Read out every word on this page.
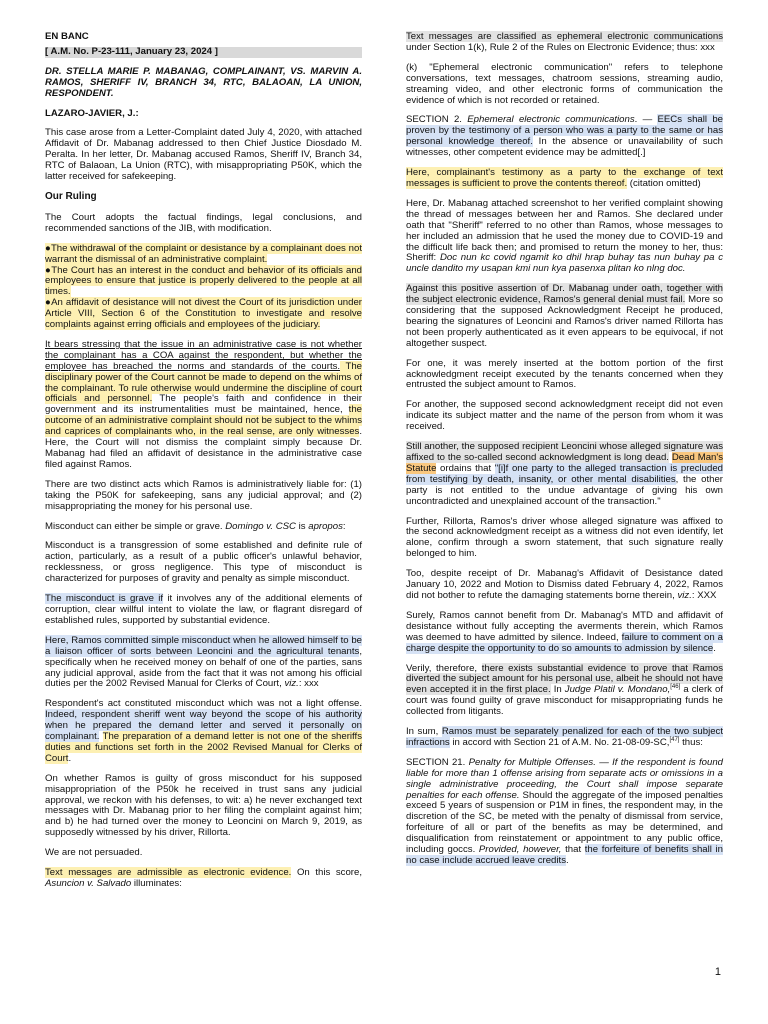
EN BANC

[ A.M. No. P-23-111, January 23, 2024 ]

DR. STELLA MARIE P. MABANAG, COMPLAINANT, VS. MARVIN A. RAMOS, SHERIFF IV, BRANCH 34, RTC, BALAOAN, LA UNION, RESPONDENT.

LAZARO-JAVIER, J.:

This case arose from a Letter-Complaint dated July 4, 2020, with attached Affidavit of Dr. Mabanag addressed to then Chief Justice Diosdado M. Peralta. In her letter, Dr. Mabanag accused Ramos, Sheriff IV, Branch 34, RTC of Balaoan, La Union (RTC), with misappropriating P50K, which the latter received for safekeeping.

Our Ruling

The Court adopts the factual findings, legal conclusions, and recommended sanctions of the JIB, with modification.

●The withdrawal of the complaint or desistance by a complainant does not warrant the dismissal of an administrative complaint.

●The Court has an interest in the conduct and behavior of its officials and employees to ensure that justice is properly delivered to the people at all times.

●An affidavit of desistance will not divest the Court of its jurisdiction under Article VIII, Section 6 of the Constitution to investigate and resolve complaints against erring officials and employees of the judiciary.

It bears stressing that the issue in an administrative case is not whether the complainant has a COA against the respondent, but whether the employee has breached the norms and standards of the courts. The disciplinary power of the Court cannot be made to depend on the whims of the complainant. To rule otherwise would undermine the discipline of court officials and personnel. The people's faith and confidence in their government and its instrumentalities must be maintained, hence, the outcome of an administrative complaint should not be subject to the whims and caprices of complainants who, in the real sense, are only witnesses. Here, the Court will not dismiss the complaint simply because Dr. Mabanag had filed an affidavit of desistance in the administrative case filed against Ramos.

There are two distinct acts which Ramos is administratively liable for: (1) taking the P50K for safekeeping, sans any judicial approval; and (2) misappropriating the money for his personal use.

Misconduct can either be simple or grave. Domingo v. CSC is apropos:

Misconduct is a transgression of some established and definite rule of action, particularly, as a result of a public officer's unlawful behavior, recklessness, or gross negligence. This type of misconduct is characterized for purposes of gravity and penalty as simple misconduct.

The misconduct is grave if it involves any of the additional elements of corruption, clear willful intent to violate the law, or flagrant disregard of established rules, supported by substantial evidence.

Here, Ramos committed simple misconduct when he allowed himself to be a liaison officer of sorts between Leoncini and the agricultural tenants, specifically when he received money on behalf of one of the parties, sans any judicial approval, aside from the fact that it was not among his official duties per the 2002 Revised Manual for Clerks of Court, viz.: xxx

Respondent's act constituted misconduct which was not a light offense. Indeed, respondent sheriff went way beyond the scope of his authority when he prepared the demand letter and served it personally on complainant. The preparation of a demand letter is not one of the sheriffs duties and functions set forth in the 2002 Revised Manual for Clerks of Court.

On whether Ramos is guilty of gross misconduct for his supposed misappropriation of the P50k he received in trust sans any judicial approval, we reckon with his defenses, to wit: a) he never exchanged text messages with Dr. Mabanag prior to her filing the complaint against him; and b) he had turned over the money to Leoncini on March 9, 2019, as supposedly witnessed by his driver, Rillorta.

We are not persuaded.

Text messages are admissible as electronic evidence. On this score, Asuncion v. Salvado illuminates:

Text messages are classified as ephemeral electronic communications under Section 1(k), Rule 2 of the Rules on Electronic Evidence; thus: xxx

(k) "Ephemeral electronic communication" refers to telephone conversations, text messages, chatroom sessions, streaming audio, streaming video, and other electronic forms of communication the evidence of which is not recorded or retained.

SECTION 2. Ephemeral electronic communications. — EECs shall be proven by the testimony of a person who was a party to the same or has personal knowledge thereof. In the absence or unavailability of such witnesses, other competent evidence may be admitted[.]

Here, complainant's testimony as a party to the exchange of text messages is sufficient to prove the contents thereof. (citation omitted)

Here, Dr. Mabanag attached screenshot to her verified complaint showing the thread of messages between her and Ramos. She declared under oath that "Sheriff" referred to no other than Ramos, whose messages to her included an admission that he used the money due to COVID-19 and the difficult life back then; and promised to return the money to her, thus: Sheriff: Doc nun kc covid ngamit ko dhil hrap buhay tas nun buhay pa c uncle dandito my usapan kmi nun kya pasenxa plitan ko nlng doc.

Against this positive assertion of Dr. Mabanag under oath, together with the subject electronic evidence, Ramos's general denial must fail. More so considering that the supposed Acknowledgment Receipt he produced, bearing the signatures of Leoncini and Ramos's driver named Rillorta has not been properly authenticated as it even appears to be equivocal, if not altogether suspect.

For one, it was merely inserted at the bottom portion of the first acknowledgment receipt executed by the tenants concerned when they entrusted the subject amount to Ramos.

For another, the supposed second acknowledgment receipt did not even indicate its subject matter and the name of the person from whom it was received.

Still another, the supposed recipient Leoncini whose alleged signature was affixed to the so-called second acknowledgment is long dead. Dead Man's Statute ordains that "[i]f one party to the alleged transaction is precluded from testifying by death, insanity, or other mental disabilities, the other party is not entitled to the undue advantage of giving his own uncontradicted and unexplained account of the transaction."

Further, Rillorta, Ramos's driver whose alleged signature was affixed to the second acknowledgment receipt as a witness did not even identify, let alone, confirm through a sworn statement, that such signature really belonged to him.

Too, despite receipt of Dr. Mabanag's Affidavit of Desistance dated January 10, 2022 and Motion to Dismiss dated February 4, 2022, Ramos did not bother to refute the damaging statements borne therein, viz.: XXX

Surely, Ramos cannot benefit from Dr. Mabanag's MTD and affidavit of desistance without fully accepting the averments therein, which Ramos was deemed to have admitted by silence. Indeed, failure to comment on a charge despite the opportunity to do so amounts to admission by silence.

Verily, therefore, there exists substantial evidence to prove that Ramos diverted the subject amount for his personal use, albeit he should not have even accepted it in the first place. In Judge Platil v. Mondano,[46] a clerk of court was found guilty of grave misconduct for misappropriating funds he collected from litigants.

In sum, Ramos must be separately penalized for each of the two subject infractions in accord with Section 21 of A.M. No. 21-08-09-SC,[47] thus:

SECTION 21. Penalty for Multiple Offenses. — If the respondent is found liable for more than 1 offense arising from separate acts or omissions in a single administrative proceeding, the Court shall impose separate penalties for each offense. Should the aggregate of the imposed penalties exceed 5 years of suspension or P1M in fines, the respondent may, in the discretion of the SC, be meted with the penalty of dismissal from service, forfeiture of all or part of the benefits as may be determined, and disqualification from reinstatement or appointment to any public office, including goccs. Provided, however, that the forfeiture of benefits shall in no case include accrued leave credits.

1
